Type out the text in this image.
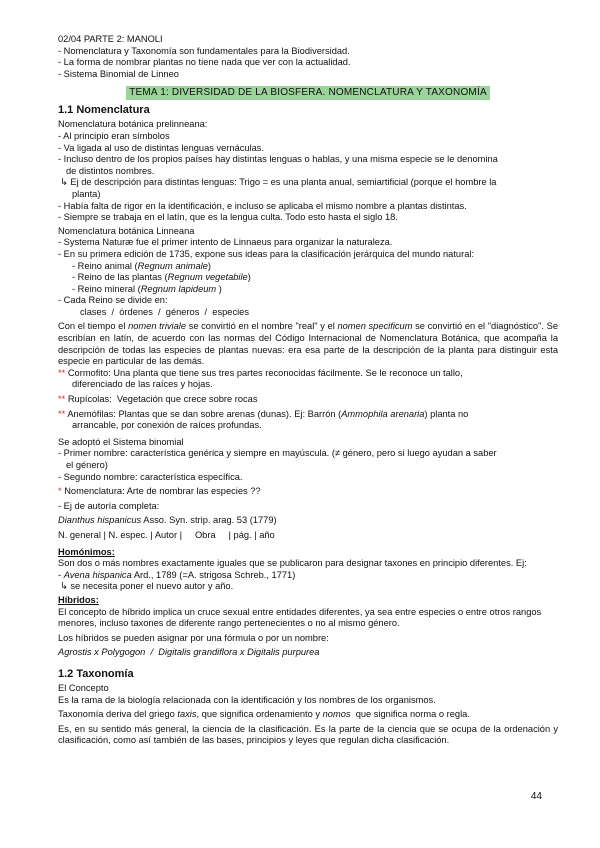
02/04 PARTE 2: MANOLI
- Nomenclatura y Taxonomía son fundamentales para la Biodiversidad.
- La forma de nombrar plantas no tiene nada que ver con la actualidad.
- Sistema Binomial de Linneo
TEMA 1: DIVERSIDAD DE LA BIOSFERA. NOMENCLATURA Y TAXONOMÍA
1.1 Nomenclatura
Nomenclatura botánica prelinneana:
- Al principio eran símbolos
- Va ligada al uso de distintas lenguas vernáculas.
- Incluso dentro de los propios países hay distintas lenguas o hablas, y una misma especie se le denomina
de distintos nombres.
↳ Ej de descripción para distintas lenguas: Trigo = es una planta anual, semiartificial (porque el hombre la
planta)
- Había falta de rigor en la identificación, e incluso se aplicaba el mismo nombre a plantas distintas.
- Siempre se trabaja en el latín, que es la lengua culta. Todo esto hasta el siglo 18.
Nomenclatura botánica Linneana
- Systema Naturæ fue el primer intento de Linnaeus para organizar la naturaleza.
- En su primera edición de 1735, expone sus ideas para la clasificación jerárquica del mundo natural:
- Reino animal (Regnum animale)
- Reino de las plantas (Regnum vegetabile)
- Reino mineral (Regnum lapideum )
- Cada Reino se divide en:
clases  /  órdenes  /  géneros  /  especies

Con el tiempo el nomen triviale se convirtió en el nombre "real" y el nomen specificum se convirtió en el "diagnóstico". Se escribían en latín, de acuerdo con las normas del Código Internacional de Nomenclatura Botánica, que acompaña la descripción de todas las especies de plantas nuevas: era esa parte de la descripción de la planta para distinguir esta especie en particular de las demás.

** Cormofito: Una planta que tiene sus tres partes reconocidas fácilmente. Se le reconoce un tallo,
diferenciado de las raíces y hojas.
** Rupícolas:  Vegetación que crece sobre rocas
** Anemófilas: Plantas que se dan sobre arenas (dunas). Ej: Barrón (Ammophila arenaria) planta no
arrancable, por conexión de raíces profundas.
Se adoptó el Sistema binomial
- Primer nombre: característica genérica y siempre en mayúscula. (≠ género, pero si luego ayudan a saber
el género)
- Segundo nombre: característica específica.
* Nomenclatura: Arte de nombrar las especies ??
- Ej de autoría completa:
Dianthus hispanicus Asso. Syn. strip. arag. 53 (1779)
N. general | N. espec. | Autor |     Obra     | pág. | año
Homónimos:

Son dos o más nombres exactamente iguales que se publicaron para designar taxones en principio diferentes. Ej:

- Avena hispanica Ard., 1789 (=A. strigosa Schreb., 1771)
↳ se necesita poner el nuevo autor y año.
Híbridos:

El concepto de híbrido implica un cruce sexual entre entidades diferentes, ya sea entre especies o entre otros rangos menores, incluso taxones de diferente rango pertenecientes o no al mismo género.

Los híbridos se pueden asignar por una fórmula o por un nombre:
Agrostis x Polygogon  /  Digitalis grandiflora x Digitalis purpurea
1.2 Taxonomía
El Concepto
Es la rama de la biología relacionada con la identificación y los nombres de los organismos.
Taxonomía deriva del griego taxis, que significa ordenamiento y nomos  que significa norma o regla.

Es, en su sentido más general, la ciencia de la clasificación. Es la parte de la ciencia que se ocupa de la ordenación y clasificación, como así también de las bases, principios y leyes que regulan dicha clasificación.

44
